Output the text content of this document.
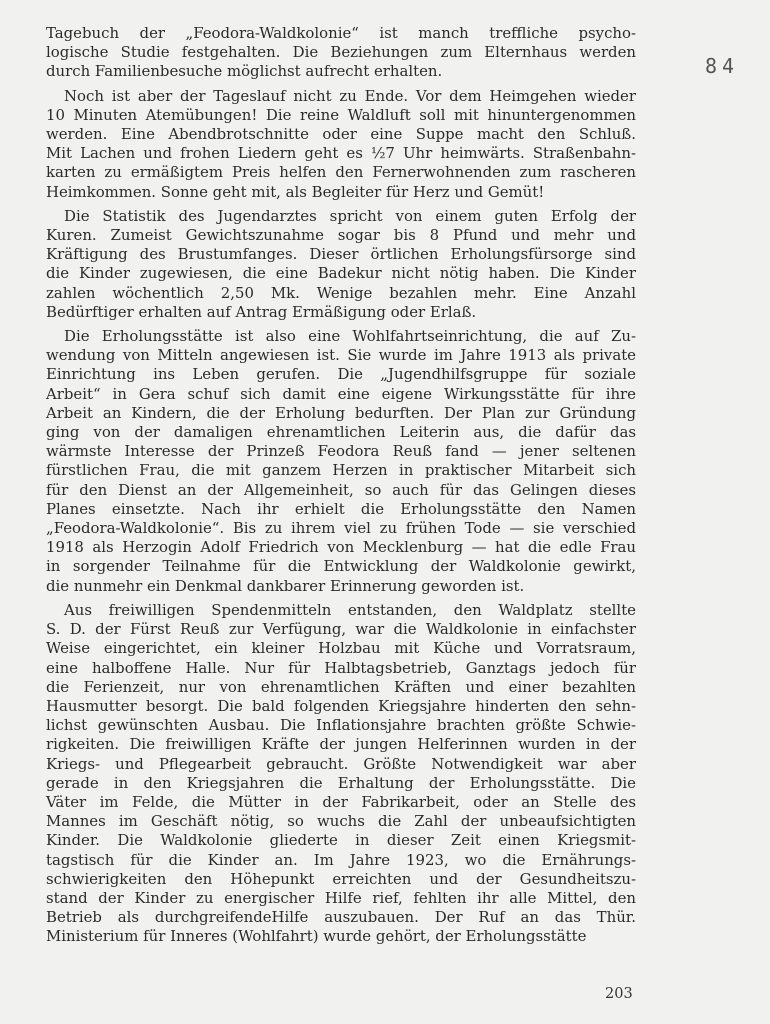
84
Tagebuch der „Feodora-Waldkolonie“ ist manch treffliche psycho-
logische Studie festgehalten. Die Beziehungen zum Elternhaus werden
durch Familienbesuche möglichst aufrecht erhalten.
Noch ist aber der Tageslauf nicht zu Ende. Vor dem Heimgehen wieder
10 Minuten Atemübungen! Die reine Waldluft soll mit hinuntergenommen
werden. Eine Abendbrotschnitte oder eine Suppe macht den Schluß.
Mit Lachen und frohen Liedern geht es ½7 Uhr heimwärts. Straßenbahn-
karten zu ermäßigtem Preis helfen den Fernerwohnenden zum rascheren
Heimkommen. Sonne geht mit, als Begleiter für Herz und Gemüt!
Die Statistik des Jugendarztes spricht von einem guten Erfolg der
Kuren. Zumeist Gewichtszunahme sogar bis 8 Pfund und mehr und
Kräftigung des Brustumfanges. Dieser örtlichen Erholungsfürsorge sind
die Kinder zugewiesen, die eine Badekur nicht nötig haben. Die Kinder
zahlen wöchentlich 2,50 Mk. Wenige bezahlen mehr. Eine Anzahl
Bedürftiger erhalten auf Antrag Ermäßigung oder Erlaß.
Die Erholungsstätte ist also eine Wohlfahrtseinrichtung, die auf Zu-
wendung von Mitteln angewiesen ist. Sie wurde im Jahre 1913 als private
Einrichtung ins Leben gerufen. Die „Jugendhilfsgruppe für soziale
Arbeit“ in Gera schuf sich damit eine eigene Wirkungsstätte für ihre
Arbeit an Kindern, die der Erholung bedurften. Der Plan zur Gründung
ging von der damaligen ehrenamtlichen Leiterin aus, die dafür das
wärmste Interesse der Prinzeß Feodora Reuß fand — jener seltenen
fürstlichen Frau, die mit ganzem Herzen in praktischer Mitarbeit sich
für den Dienst an der Allgemeinheit, so auch für das Gelingen dieses
Planes einsetzte. Nach ihr erhielt die Erholungsstätte den Namen
„Feodora-Waldkolonie“. Bis zu ihrem viel zu frühen Tode — sie verschied
1918 als Herzogin Adolf Friedrich von Mecklenburg — hat die edle Frau
in sorgender Teilnahme für die Entwicklung der Waldkolonie gewirkt,
die nunmehr ein Denkmal dankbarer Erinnerung geworden ist.
Aus freiwilligen Spendenmitteln entstanden, den Waldplatz stellte
S. D. der Fürst Reuß zur Verfügung, war die Waldkolonie in einfachster
Weise eingerichtet, ein kleiner Holzbau mit Küche und Vorratsraum,
eine halboffene Halle. Nur für Halbtagsbetrieb, Ganztags jedoch für
die Ferienzeit, nur von ehrenamtlichen Kräften und einer bezahlten
Hausmutter besorgt. Die bald folgenden Kriegsjahre hinderten den sehn-
lichst gewünschten Ausbau. Die Inflationsjahre brachten größte Schwie-
rigkeiten. Die freiwilligen Kräfte der jungen Helferinnen wurden in der
Kriegs- und Pflegearbeit gebraucht. Größte Notwendigkeit war aber
gerade in den Kriegsjahren die Erhaltung der Erholungsstätte. Die
Väter im Felde, die Mütter in der Fabrikarbeit, oder an Stelle des
Mannes im Geschäft nötig, so wuchs die Zahl der unbeaufsichtigten
Kinder. Die Waldkolonie gliederte in dieser Zeit einen Kriegsmit-
tagstisch für die Kinder an. Im Jahre 1923, wo die Ernährungs-
schwierigkeiten den Höhepunkt erreichten und der Gesundheitszu-
stand der Kinder zu energischer Hilfe rief, fehlten ihr alle Mittel, den
Betrieb als durchgreifendeHilfe auszubauen. Der Ruf an das Thür.
Ministerium für Inneres (Wohlfahrt) wurde gehört, der Erholungsstätte
203
